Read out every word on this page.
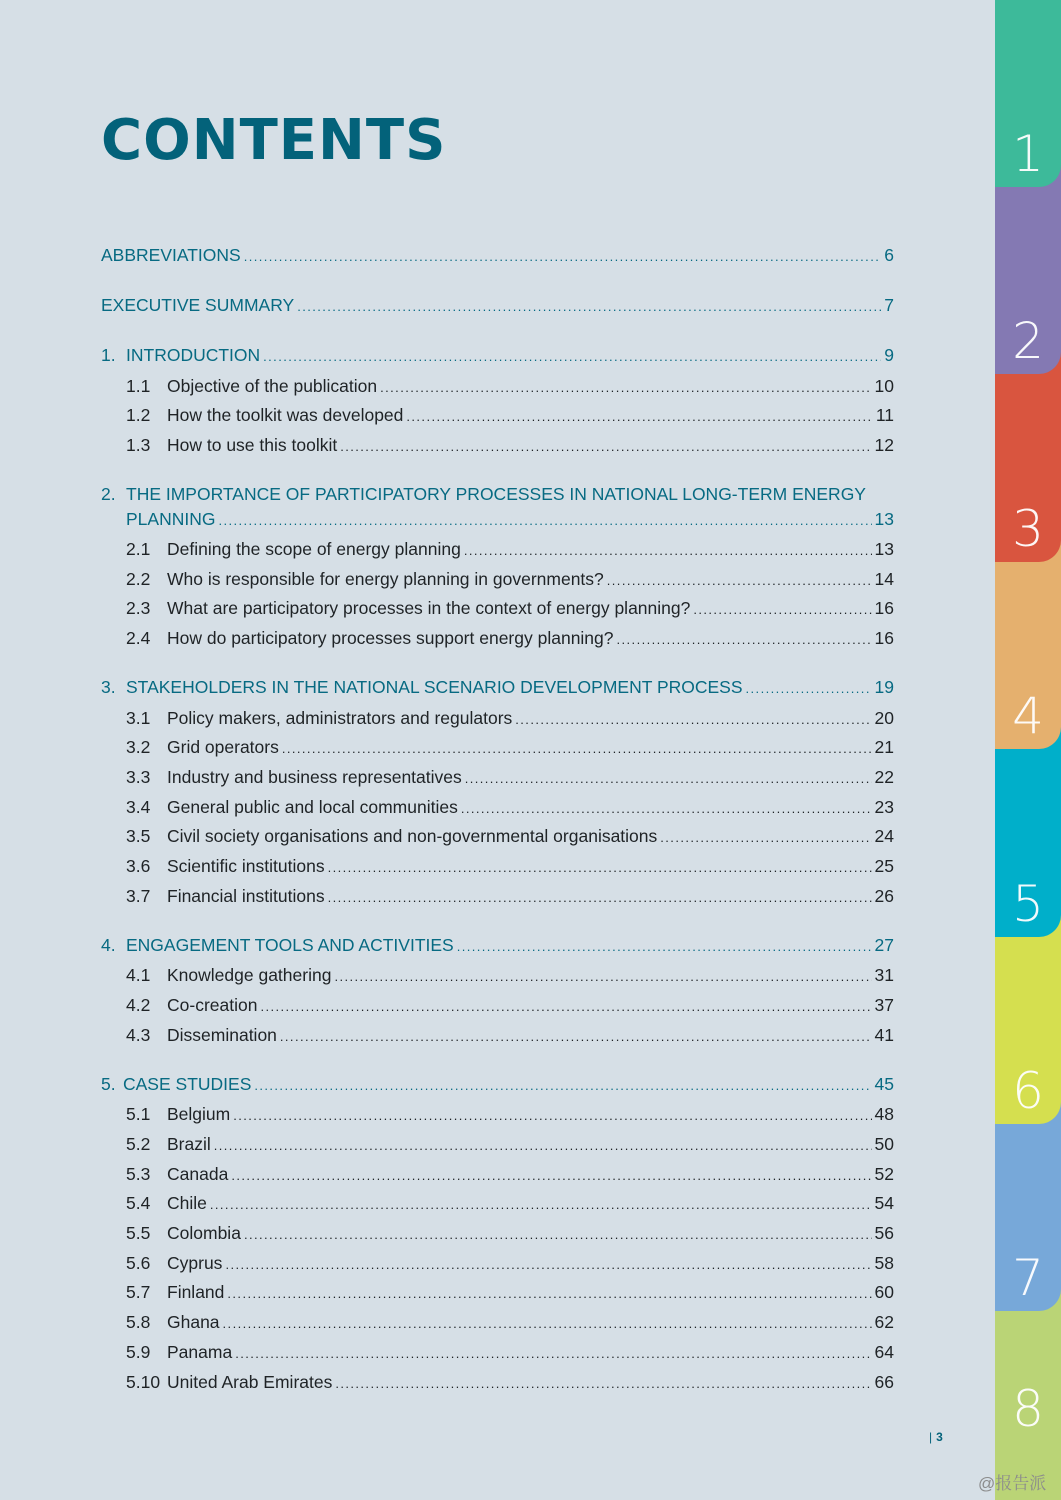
CONTENTS
ABBREVIATIONS .....	6
EXECUTIVE SUMMARY .....	7
1. INTRODUCTION .....	9
1.1 Objective of the publication .....	10
1.2 How the toolkit was developed .....	11
1.3 How to use this toolkit .....	12
2. THE IMPORTANCE OF PARTICIPATORY PROCESSES IN NATIONAL LONG-TERM ENERGY
PLANNING .....	13
2.1 Defining the scope of energy planning .....	13
2.2 Who is responsible for energy planning in governments? .....	14
2.3 What are participatory processes in the context of energy planning? .....	16
2.4 How do participatory processes support energy planning? .....	16
3. STAKEHOLDERS IN THE NATIONAL SCENARIO DEVELOPMENT PROCESS .....	19
3.1 Policy makers, administrators and regulators .....	20
3.2 Grid operators .....	21
3.3 Industry and business representatives .....	22
3.4 General public and local communities .....	23
3.5 Civil society organisations and non-governmental organisations .....	24
3.6 Scientific institutions .....	25
3.7 Financial institutions .....	26
4. ENGAGEMENT TOOLS AND ACTIVITIES .....	27
4.1 Knowledge gathering .....	31
4.2 Co-creation .....	37
4.3 Dissemination .....	41
5. CASE STUDIES .....	45
5.1 Belgium .....	48
5.2 Brazil .....	50
5.3 Canada .....	52
5.4 Chile .....	54
5.5 Colombia .....	56
5.6 Cyprus .....	58
5.7 Finland .....	60
5.8 Ghana .....	62
5.9 Panama .....	64
5.10 United Arab Emirates .....	66
1
2
3
4
5
6
7
8
| 3
@报告派
